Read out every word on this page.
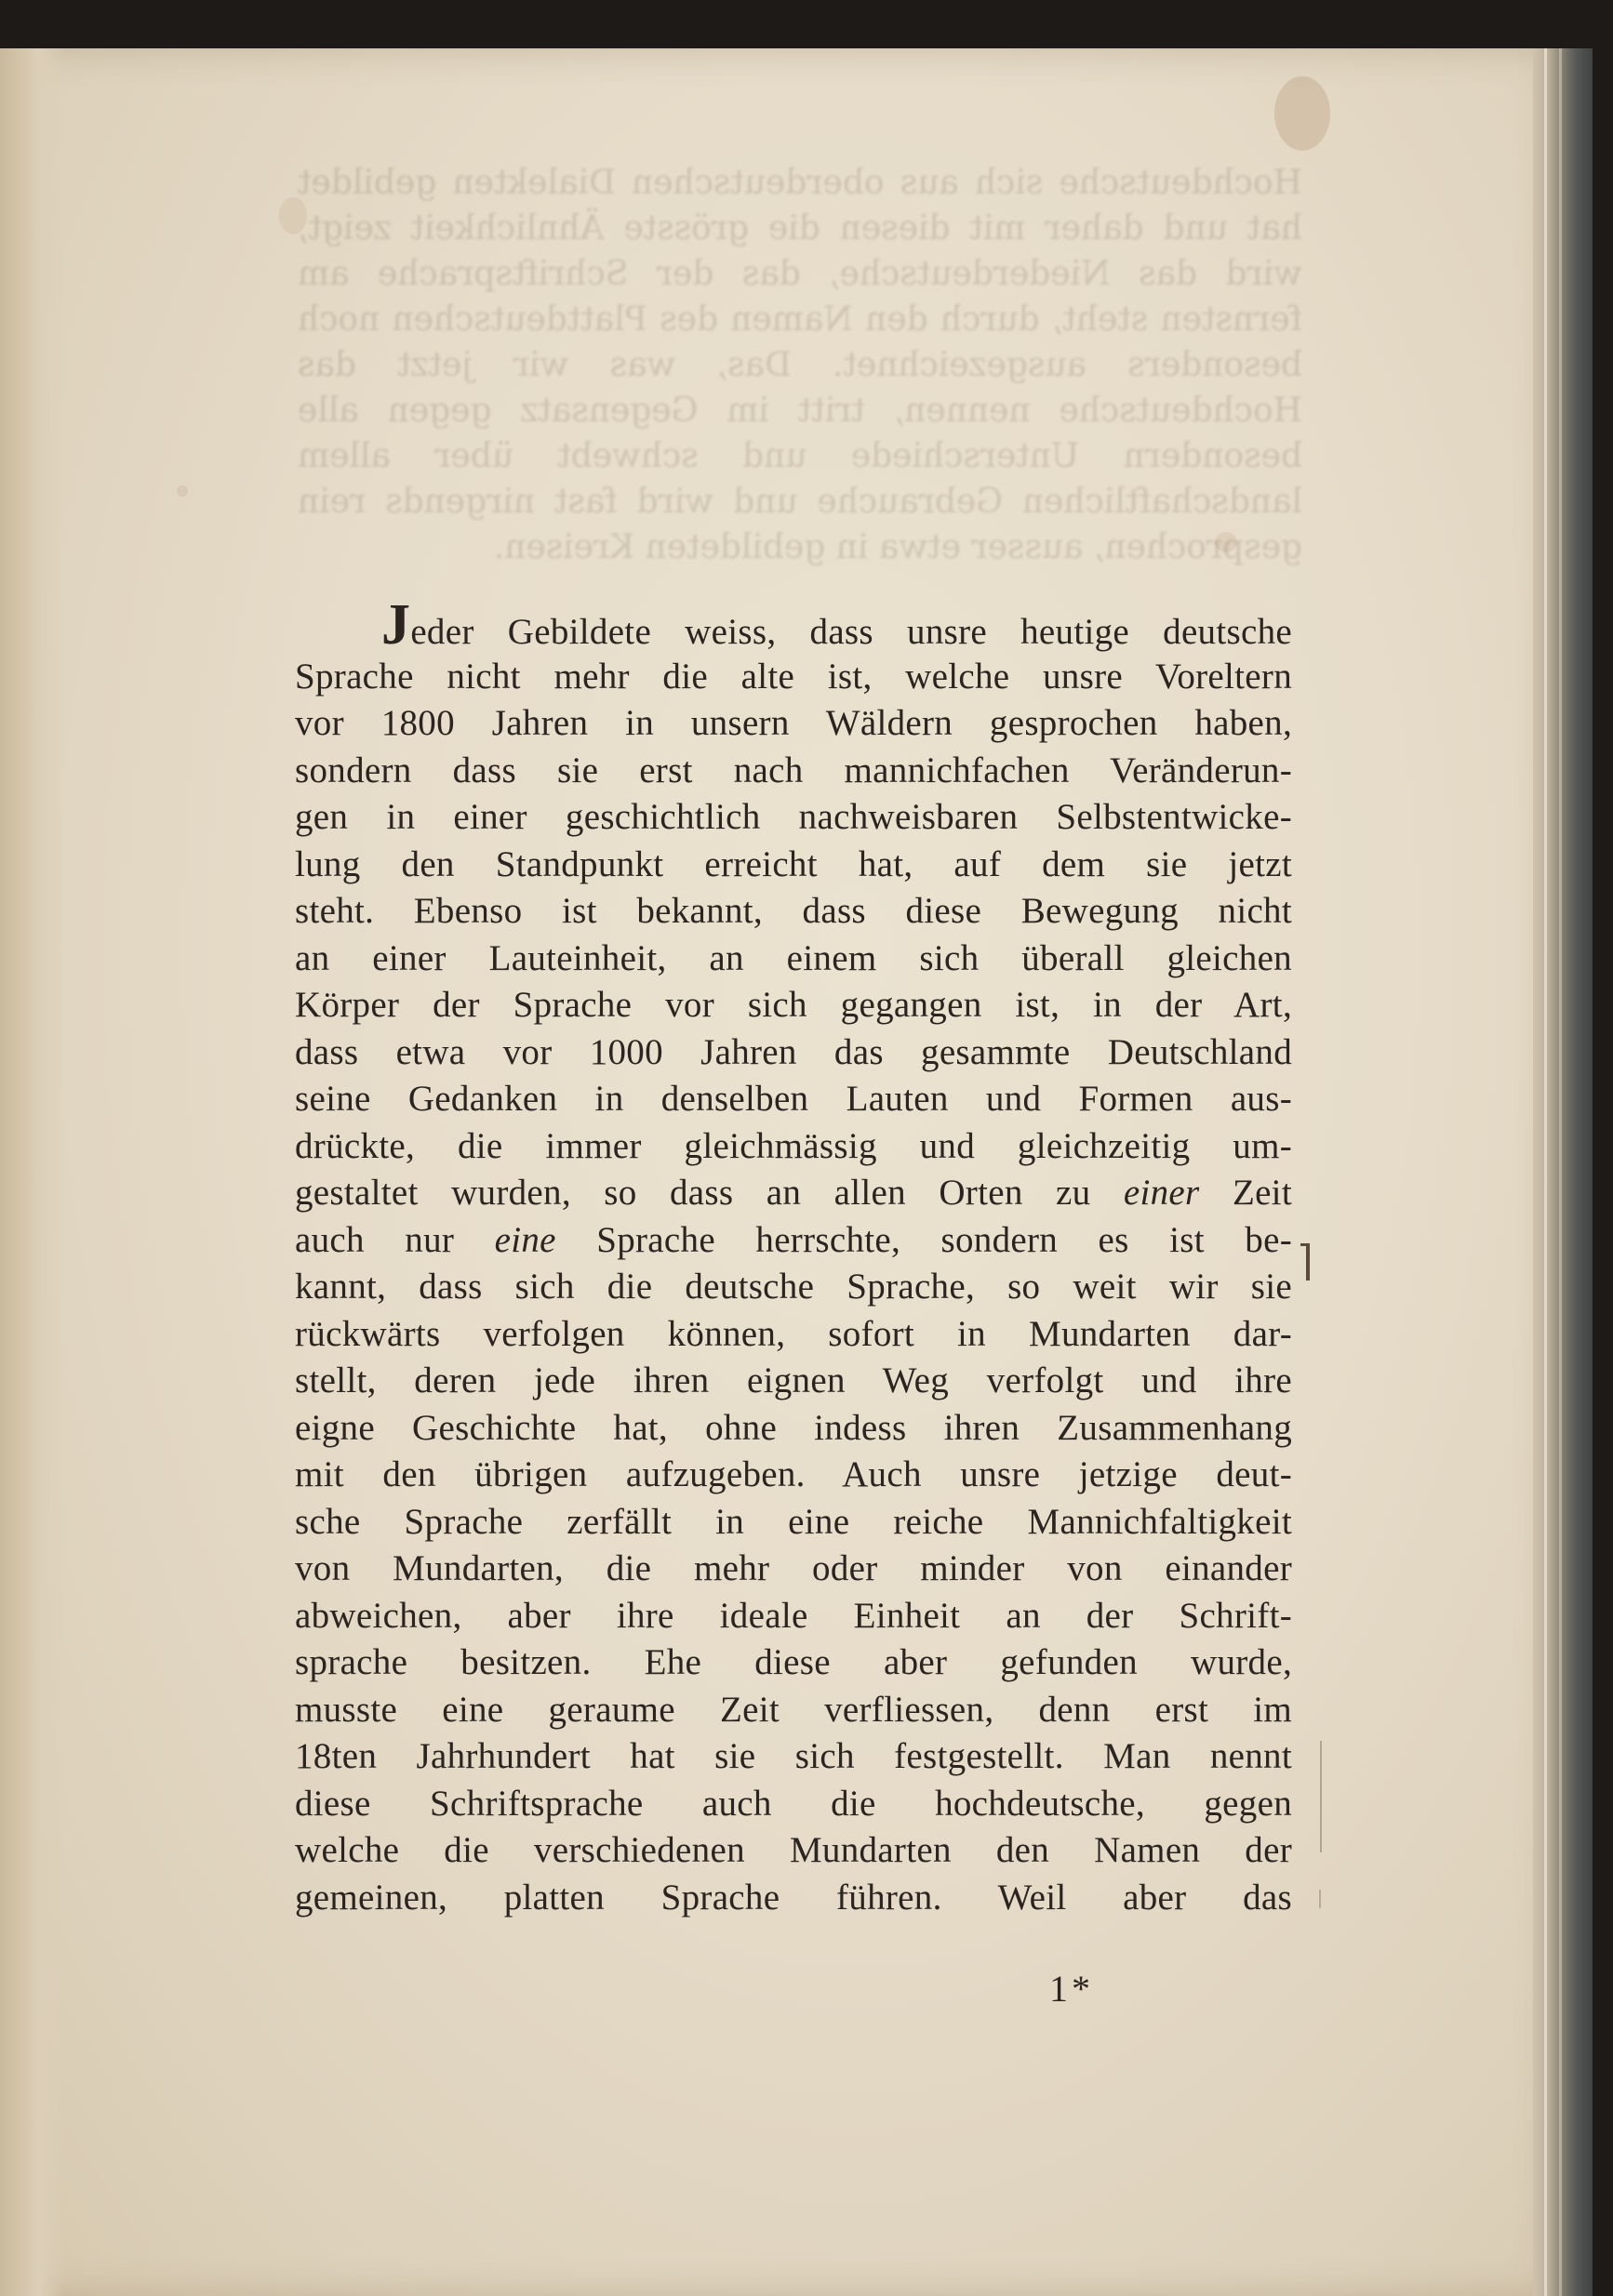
Hochdeutsche sich aus oberdeutschen Dialekten gebildet hat und daher mit diesen die grösste Ähnlichkeit zeigt, wird das Niederdeutsche, das der Schriftsprache am fernsten steht, durch den Namen des Plattdeutschen noch besonders ausgezeichnet. Das, was wir jetzt das Hochdeutsche nennen, tritt im Gegensatz gegen alle besondern Unterschiede und schwebt über allem landschaftlichen Gebrauche und wird fast nirgends rein gesprochen, ausser etwa in gebildeten Kreisen.
Jeder Gebildete weiss, dass unsre heutige deutsche
Sprache nicht mehr die alte ist, welche unsre Voreltern
vor 1800 Jahren in unsern Wäldern gesprochen haben,
sondern dass sie erst nach mannichfachen Veränderun-
gen in einer geschichtlich nachweisbaren Selbstentwicke-
lung den Standpunkt erreicht hat, auf dem sie jetzt
steht. Ebenso ist bekannt, dass diese Bewegung nicht
an einer Lauteinheit, an einem sich überall gleichen
Körper der Sprache vor sich gegangen ist, in der Art,
dass etwa vor 1000 Jahren das gesammte Deutschland
seine Gedanken in denselben Lauten und Formen aus-
drückte, die immer gleichmässig und gleichzeitig um-
gestaltet wurden, so dass an allen Orten zu einer Zeit
auch nur eine Sprache herrschte, sondern es ist be-
kannt, dass sich die deutsche Sprache, so weit wir sie
rückwärts verfolgen können, sofort in Mundarten dar-
stellt, deren jede ihren eignen Weg verfolgt und ihre
eigne Geschichte hat, ohne indess ihren Zusammenhang
mit den übrigen aufzugeben. Auch unsre jetzige deut-
sche Sprache zerfällt in eine reiche Mannichfaltigkeit
von Mundarten, die mehr oder minder von einander
abweichen, aber ihre ideale Einheit an der Schrift-
sprache besitzen. Ehe diese aber gefunden wurde,
musste eine geraume Zeit verfliessen, denn erst im
18ten Jahrhundert hat sie sich festgestellt. Man nennt
diese Schriftsprache auch die hochdeutsche, gegen
welche die verschiedenen Mundarten den Namen der
gemeinen, platten Sprache führen. Weil aber das
1*
